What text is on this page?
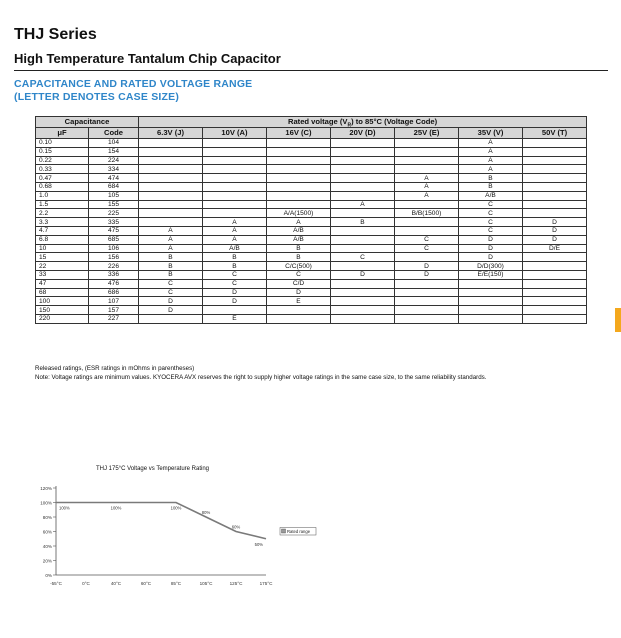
THJ Series
High Temperature Tantalum Chip Capacitor
CAPACITANCE AND RATED VOLTAGE RANGE
(LETTER DENOTES CASE SIZE)
Capacitance		Rated voltage $(V_R)$ to 85°C (Voltage Code)						
μF	Code	6.3V (J)	10V (A)	16V (C)	20V (D)	25V (E)	35V (V)	50V (T)
0.10	104						A	
0.15	154						A	
0.22	224						A	
0.33	334						A	
0.47	474					A	B	
0.68	684					A	B	
1.0	105					A	A/B	
1.5	155				A		C	
2.2	225			A/A(1500)		B/B(1500)	C	
3.3	335		A	A	B		C	D
4.7	475	A	A	A/B			C	D
6.8	685	A	A	A/B		C	D	D
10	106	A	A/B	B		C	D	D/E
15	156	B	B	B	C		D	
22	226	B	B	C/C(500)		D	D/D(300)	
33	336	B	C	C	D	D	E/E(150)	
47	476	C	C	C/D				
68	686	C	D	D				
100	107	D	D	E				
150	157	D						
220	227		E					
Released ratings, (ESR ratings in mOhms in parentheses)
Note: Voltage ratings are minimum values. KYOCERA AVX reserves the right to supply higher voltage ratings in the same case size, to the same reliability standards.
THJ 175°C Voltage vs Temperature Rating
0%
20%
40%
60%
80%
100%
120%
-55°C	0°C	40°C	60°C	85°C	105°C	125°C	175°C
100%	100%	100%
80%
60%
50%
Rated range
